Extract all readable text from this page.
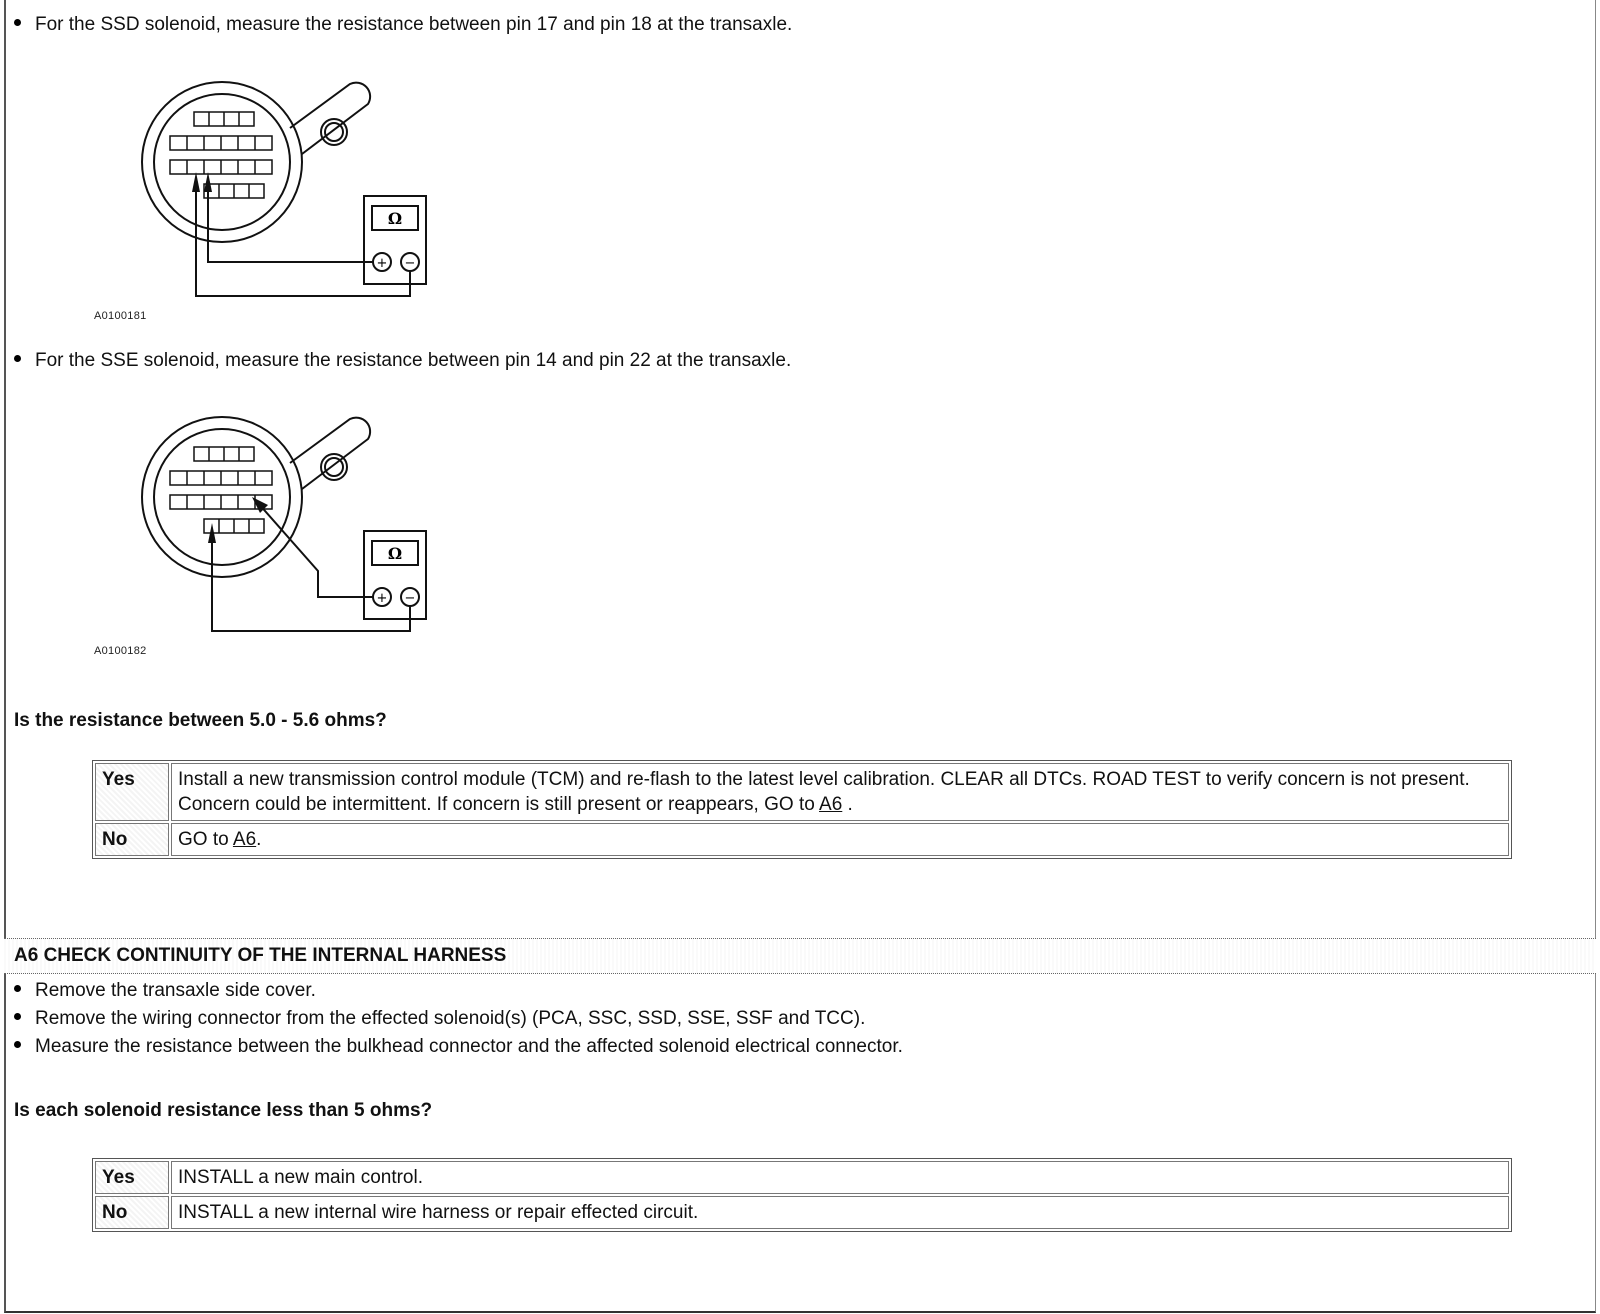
For the SSD solenoid, measure the resistance between pin 17 and pin 18 at the transaxle.
Ω
+ −
A0100181
For the SSE solenoid, measure the resistance between pin 14 and pin 22 at the transaxle.
Ω
+ −
A0100182
Is the resistance between 5.0 - 5.6 ohms?
Yes	Install a new transmission control module (TCM) and re-flash to the latest level calibration. CLEAR all DTCs. ROAD TEST to verify concern is not present. Concern could be intermittent. If concern is still present or reappears, GO to A6 .
No	GO to A6.
A6 CHECK CONTINUITY OF THE INTERNAL HARNESS
Remove the transaxle side cover.
Remove the wiring connector from the effected solenoid(s) (PCA, SSC, SSD, SSE, SSF and TCC).
Measure the resistance between the bulkhead connector and the affected solenoid electrical connector.
Is each solenoid resistance less than 5 ohms?
Yes	INSTALL a new main control.
No	INSTALL a new internal wire harness or repair effected circuit.
